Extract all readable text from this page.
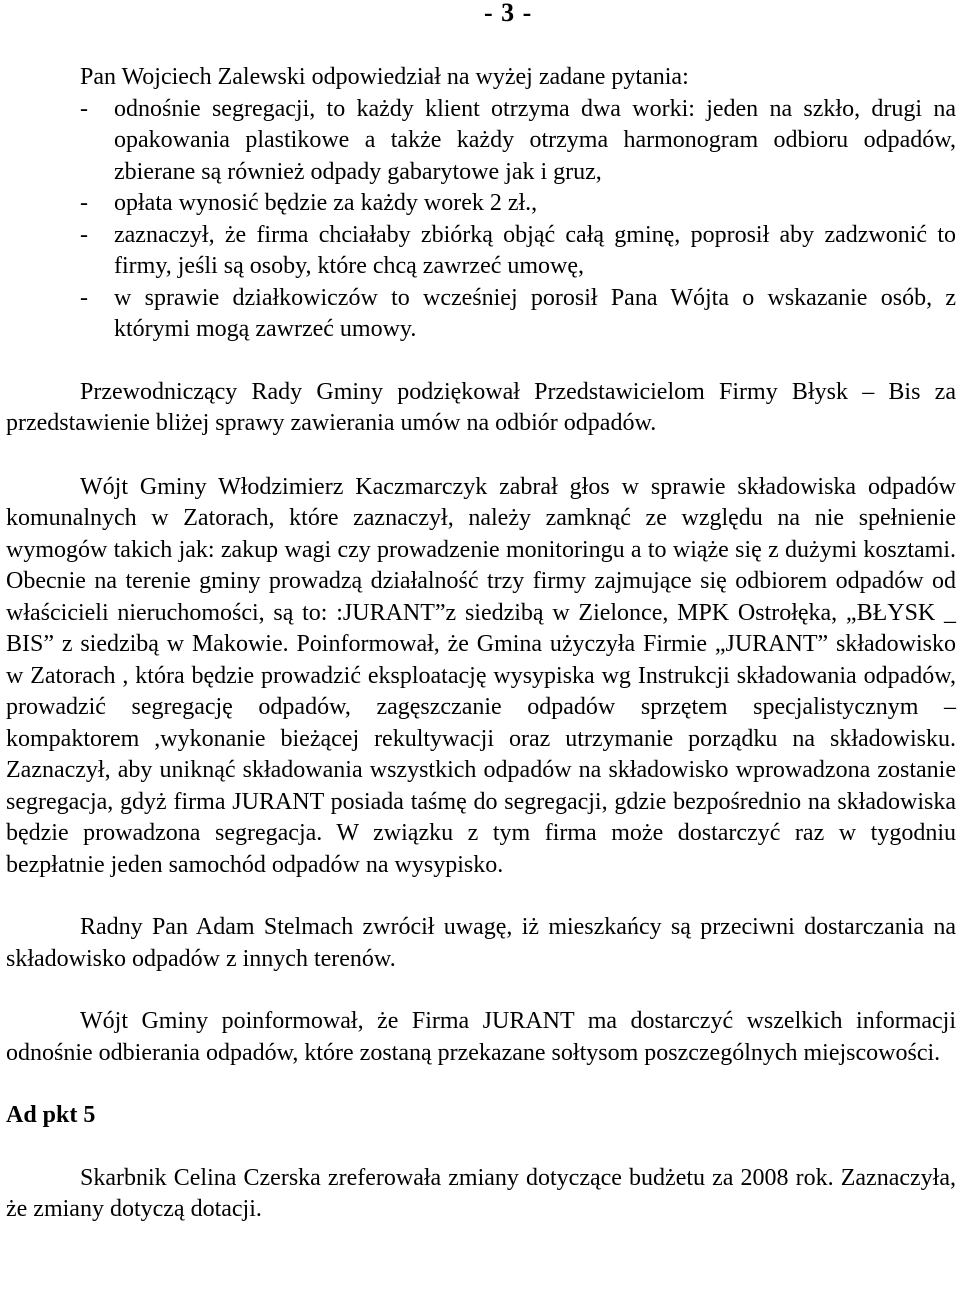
- 3 -

Pan Wojciech Zalewski odpowiedział na wyżej zadane pytania:

- odnośnie segregacji, to każdy klient otrzyma dwa worki: jeden na szkło, drugi na opakowania plastikowe a także każdy otrzyma harmonogram odbioru odpadów, zbierane są również odpady gabarytowe jak i gruz,
- opłata wynosić będzie za każdy worek 2 zł.,
- zaznaczył, że firma chciałaby zbiórką objąć całą gminę, poprosił aby zadzwonić to firmy, jeśli są osoby, które chcą zawrzeć umowę,
- w sprawie działkowiczów to wcześniej porosił Pana Wójta o wskazanie osób, z którymi mogą zawrzeć umowy.

Przewodniczący Rady Gminy podziękował Przedstawicielom Firmy Błysk – Bis za przedstawienie bliżej sprawy zawierania umów na odbiór odpadów.

Wójt Gminy Włodzimierz Kaczmarczyk zabrał głos w sprawie składowiska odpadów komunalnych w Zatorach, które zaznaczył, należy zamknąć ze względu na nie spełnienie wymogów takich jak: zakup wagi czy prowadzenie monitoringu a to wiąże się z dużymi kosztami. Obecnie na terenie gminy prowadzą działalność trzy firmy zajmujące się odbiorem odpadów od właścicieli nieruchomości, są to: :JURANT”z siedzibą w Zielonce, MPK Ostrołęka, „BŁYSK _ BIS” z siedzibą w Makowie. Poinformował, że Gmina użyczyła Firmie „JURANT” składowisko w Zatorach , która będzie prowadzić eksploatację wysypiska wg Instrukcji składowania odpadów, prowadzić segregację odpadów, zagęszczanie odpadów sprzętem specjalistycznym – kompaktorem ,wykonanie bieżącej rekultywacji oraz utrzymanie porządku na składowisku. Zaznaczył, aby uniknąć składowania wszystkich odpadów na składowisko wprowadzona zostanie segregacja, gdyż firma JURANT posiada taśmę do segregacji, gdzie bezpośrednio na składowiska będzie prowadzona segregacja. W związku z tym firma może dostarczyć raz w tygodniu bezpłatnie jeden samochód odpadów na wysypisko.

Radny Pan Adam Stelmach zwrócił uwagę, iż mieszkańcy są przeciwni dostarczania na składowisko odpadów z innych terenów.

Wójt Gminy poinformował, że Firma JURANT ma dostarczyć wszelkich informacji odnośnie odbierania odpadów, które zostaną przekazane sołtysom poszczególnych miejscowości.

Ad pkt 5

Skarbnik Celina Czerska zreferowała zmiany dotyczące budżetu za 2008 rok. Zaznaczyła, że zmiany dotyczą dotacji.
